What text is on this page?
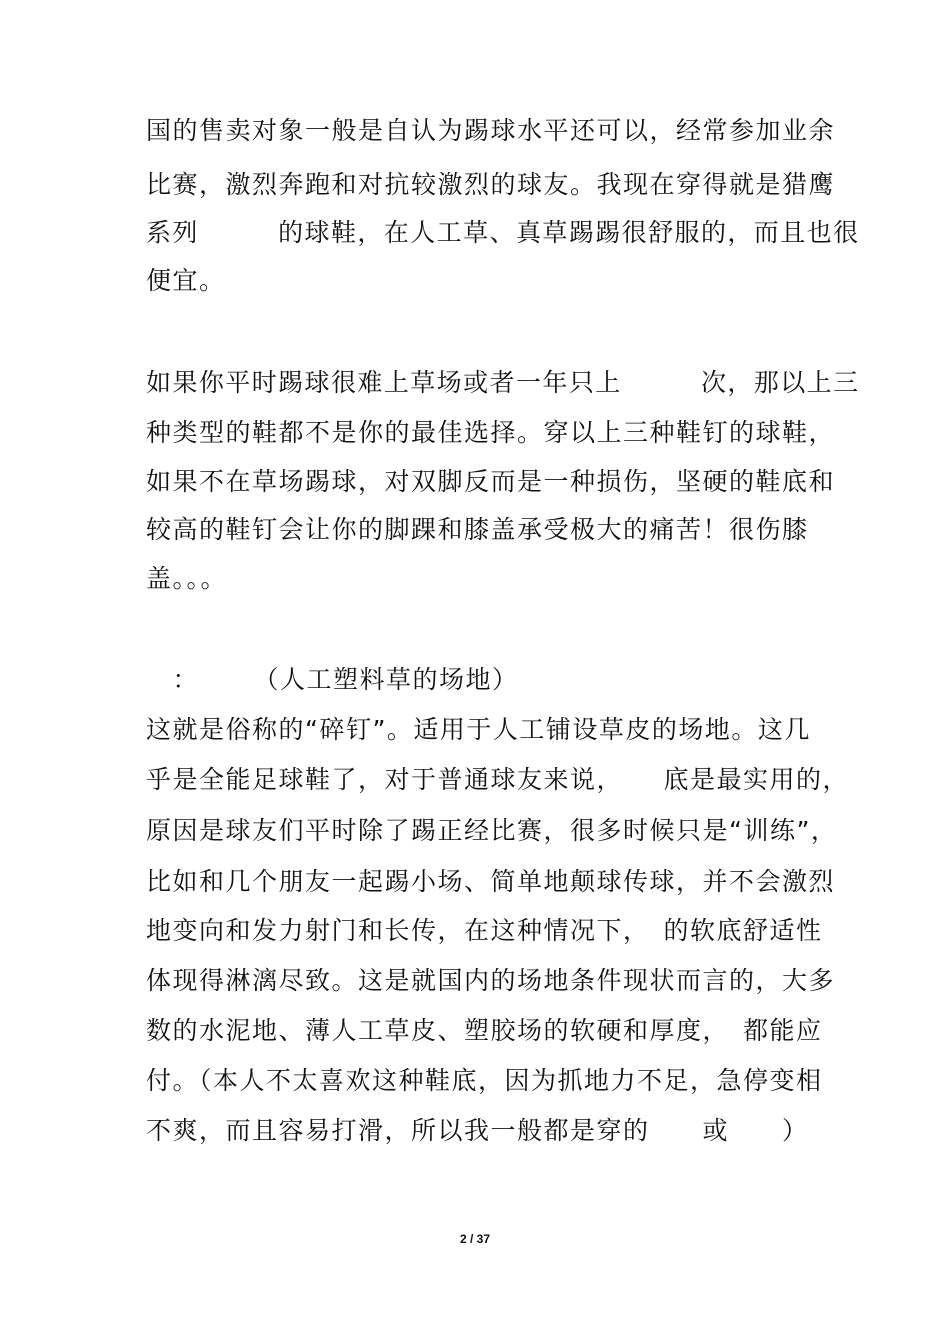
国的售卖对象一般是自认为踢球水平还可以，经常参加业余
比赛，激烈奔跑和对抗较激烈的球友。我现在穿得就是猎鹰
系列　　　的球鞋，在人工草、真草踢踢很舒服的，而且也很
便宜。
如果你平时踢球很难上草场或者一年只上　　　次，那以上三
种类型的鞋都不是你的最佳选择。穿以上三种鞋钉的球鞋，
如果不在草场踢球，对双脚反而是一种损伤，坚硬的鞋底和
较高的鞋钉会让你的脚踝和膝盖承受极大的痛苦！很伤膝
盖。。。
　：　　　（人工塑料草的场地）
这就是俗称的“碎钉”。适用于人工铺设草皮的场地。这几
乎是全能足球鞋了，对于普通球友来说，　　底是最实用的，
原因是球友们平时除了踢正经比赛，很多时候只是“训练”，
比如和几个朋友一起踢小场、简单地颠球传球，并不会激烈
地变向和发力射门和长传，在这种情况下，　的软底舒适性
体现得淋漓尽致。这是就国内的场地条件现状而言的，大多
数的水泥地、薄人工草皮、塑胶场的软硬和厚度，　都能应
付。（本人不太喜欢这种鞋底，因为抓地力不足，急停变相
不爽，而且容易打滑，所以我一般都是穿的　　或　　）
2 / 37
